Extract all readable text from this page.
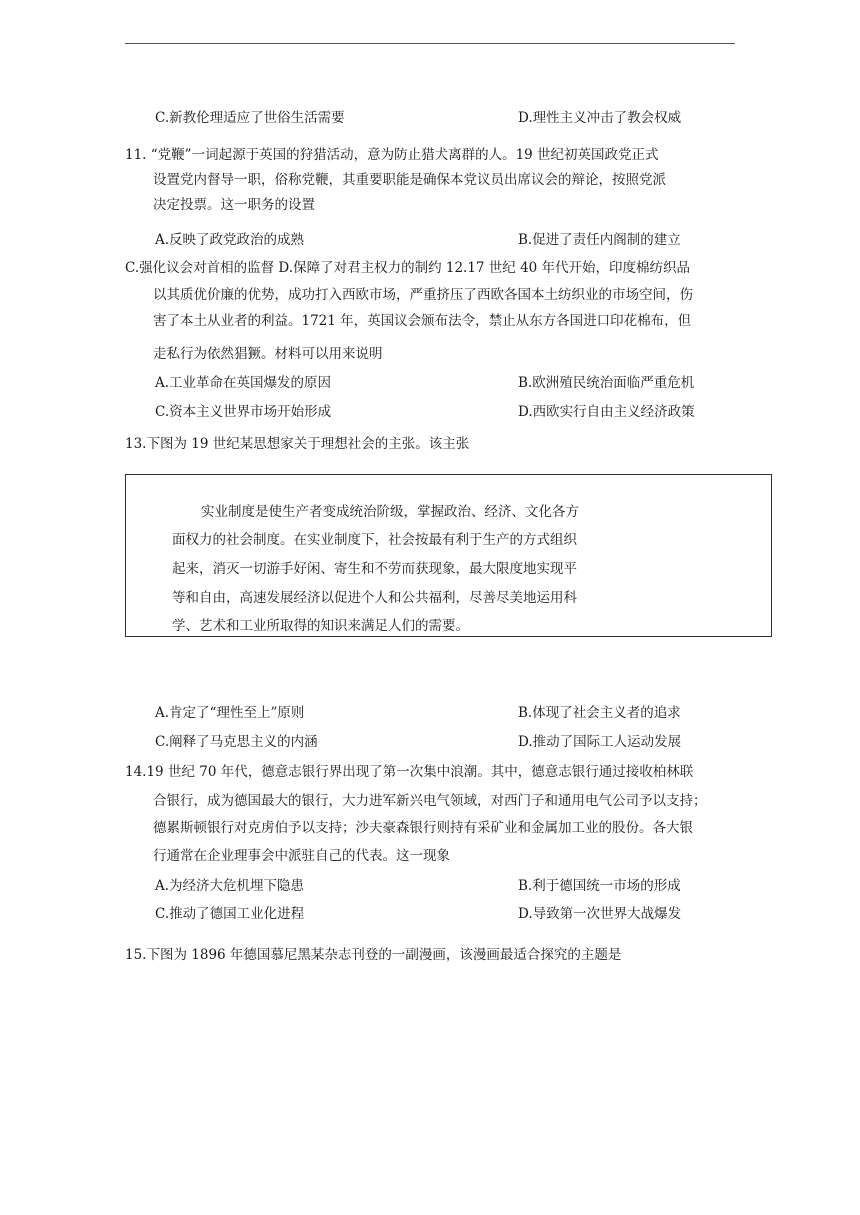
C.新教伦理适应了世俗生活需要	D.理性主义冲击了教会权威
11. “党鞭”一词起源于英国的狩猎活动，意为防止猎犬离群的人。19 世纪初英国政党正式
设置党内督导一职，俗称党鞭，其重要职能是确保本党议员出席议会的辩论，按照党派
决定投票。这一职务的设置
A.反映了政党政治的成熟	B.促进了责任内阁制的建立
C.强化议会对首相的监督 D.保障了对君主权力的制约 12.17 世纪 40 年代开始，印度棉纺织品
以其质优价廉的优势，成功打入西欧市场，严重挤压了西欧各国本土纺织业的市场空间，伤
害了本土从业者的利益。1721 年，英国议会颁布法令，禁止从东方各国进口印花棉布，但
走私行为依然猖獗。材料可以用来说明
A.工业革命在英国爆发的原因	B.欧洲殖民统治面临严重危机
C.资本主义世界市场开始形成	D.西欧实行自由主义经济政策
13.下图为 19 世纪某思想家关于理想社会的主张。该主张
实业制度是使生产者变成统治阶级，掌握政治、经济、文化各方
面权力的社会制度。在实业制度下，社会按最有利于生产的方式组织
起来，消灭一切游手好闲、寄生和不劳而获现象，最大限度地实现平
等和自由，高速发展经济以促进个人和公共福利，尽善尽美地运用科
学、艺术和工业所取得的知识来满足人们的需要。
A.肯定了“理性至上”原则	B.体现了社会主义者的追求
C.阐释了马克思主义的内涵	D.推动了国际工人运动发展
14.19 世纪 70 年代，德意志银行界出现了第一次集中浪潮。其中，德意志银行通过接收柏林联
合银行，成为德国最大的银行，大力进军新兴电气领域，对西门子和通用电气公司予以支持；
德累斯顿银行对克虏伯予以支持；沙夫豪森银行则持有采矿业和金属加工业的股份。各大银
行通常在企业理事会中派驻自己的代表。这一现象
A.为经济大危机埋下隐患	B.利于德国统一市场的形成
C.推动了德国工业化进程	D.导致第一次世界大战爆发
15.下图为 1896 年德国慕尼黑某杂志刊登的一副漫画，该漫画最适合探究的主题是
